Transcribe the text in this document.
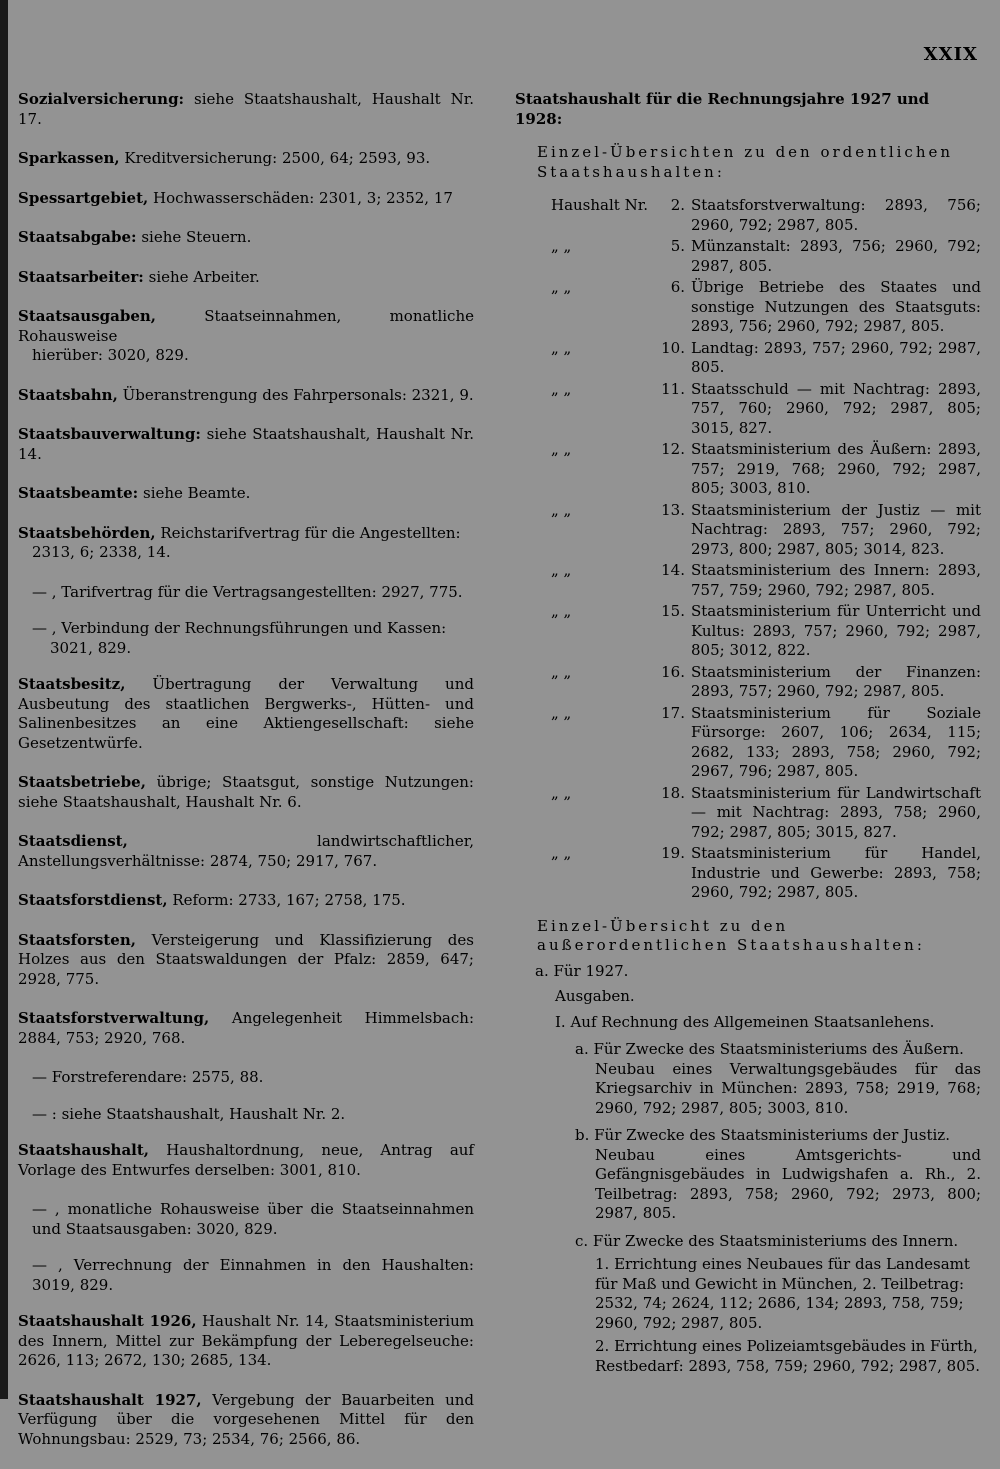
XXIX
Sozialversicherung: siehe Staatshaushalt, Haushalt Nr. 17.
Sparkassen, Kreditversicherung: 2500, 64; 2593, 93.
Spessartgebiet, Hochwasserschäden: 2301, 3; 2352, 17
Staatsabgabe: siehe Steuern.
Staatsarbeiter: siehe Arbeiter.
Staatsausgaben,	Staatseinnahmen, monatliche Rohausweise
hierüber: 3020, 829.
Staatsbahn, Überanstrengung des Fahrpersonals: 2321, 9.
Staatsbauverwaltung: siehe Staatshaushalt, Haushalt Nr. 14.
Staatsbeamte: siehe Beamte.
Staatsbehörden, Reichstarifvertrag für die Angestellten:
2313, 6; 2338, 14.
— , Tarifvertrag für die Vertragsangestellten: 2927, 775.
— , Verbindung der Rechnungsführungen und Kassen:
3021, 829.
Staatsbesitz, Übertragung der Verwaltung und Ausbeutung des staatlichen Bergwerks-, Hütten- und Salinenbesitzes an eine Aktiengesellschaft: siehe Gesetzentwürfe.
Staatsbetriebe, übrige; Staatsgut, sonstige Nutzungen: siehe Staatshaushalt, Haushalt Nr. 6.
Staatsdienst,	landwirtschaftlicher, Anstellungsverhältnisse: 2874, 750; 2917, 767.
Staatsforstdienst, Reform: 2733, 167; 2758, 175.
Staatsforsten, Versteigerung und Klassifizierung des Holzes aus den Staatswaldungen der Pfalz: 2859, 647; 2928, 775.
Staatsforstverwaltung, Angelegenheit Himmelsbach: 2884, 753; 2920, 768.
— Forstreferendare: 2575, 88.
— : siehe Staatshaushalt, Haushalt Nr. 2.
Staatshaushalt, Haushaltordnung, neue, Antrag auf Vorlage des Entwurfes derselben: 3001, 810.
— , monatliche Rohausweise über die Staatseinnahmen und Staatsausgaben: 3020, 829.
— , Verrechnung der Einnahmen in den Haushalten: 3019, 829.
Staatshaushalt 1926, Haushalt Nr. 14, Staatsministerium des Innern, Mittel zur Bekämpfung der Leberegelseuche: 2626, 113; 2672, 130; 2685, 134.
Staatshaushalt 1927, Vergebung der Bauarbeiten und Verfügung über die vorgesehenen Mittel für den Wohnungsbau: 2529, 73; 2534, 76; 2566, 86.
Staatshaushalt für die Rechnungsjahre 1927 und 1928:
Einzel-Übersichten zu den ordentlichen Staatshaushalten:
Haushalt Nr.	2. Staatsforstverwaltung: 2893, 756; 2960, 792; 2987, 805.
„ „	5. Münzanstalt: 2893, 756; 2960, 792; 2987, 805.
„ „	6. Übrige Betriebe des Staates und sonstige Nutzungen des Staatsguts: 2893, 756; 2960, 792; 2987, 805.
„ „	10. Landtag: 2893, 757; 2960, 792; 2987, 805.
„ „	11. Staatsschuld — mit Nachtrag: 2893, 757, 760; 2960, 792; 2987, 805; 3015, 827.
„ „	12. Staatsministerium des Äußern: 2893, 757; 2919, 768; 2960, 792; 2987, 805; 3003, 810.
„ „	13. Staatsministerium der Justiz — mit Nachtrag: 2893, 757; 2960, 792; 2973, 800; 2987, 805; 3014, 823.
„ „	14. Staatsministerium des Innern: 2893, 757, 759; 2960, 792; 2987, 805.
„ „	15. Staatsministerium für Unterricht und Kultus: 2893, 757; 2960, 792; 2987, 805; 3012, 822.
„ „	16. Staatsministerium der Finanzen: 2893, 757; 2960, 792; 2987, 805.
„ „	17. Staatsministerium für Soziale Fürsorge: 2607, 106; 2634, 115; 2682, 133; 2893, 758; 2960, 792; 2967, 796; 2987, 805.
„ „	18. Staatsministerium für Landwirtschaft — mit Nachtrag: 2893, 758; 2960, 792; 2987, 805; 3015, 827.
„ „	19. Staatsministerium für Handel, Industrie und Gewerbe: 2893, 758; 2960, 792; 2987, 805.
Einzel-Übersicht zu den außerordentlichen Staatshaushalten:
a. Für 1927.
Ausgaben.
I. Auf Rechnung des Allgemeinen Staatsanlehens.
a. Für Zwecke des Staatsministeriums des Äußern.
Neubau eines Verwaltungsgebäudes für das Kriegsarchiv in München: 2893, 758; 2919, 768; 2960, 792; 2987, 805; 3003, 810.
b. Für Zwecke des Staatsministeriums der Justiz.
Neubau eines Amtsgerichts- und Gefängnisgebäudes in Ludwigshafen a. Rh., 2. Teilbetrag: 2893, 758; 2960, 792; 2973, 800; 2987, 805.
c. Für Zwecke des Staatsministeriums des Innern.
1. Errichtung eines Neubaues für das Landesamt für Maß und Gewicht in München, 2. Teilbetrag: 2532, 74; 2624, 112; 2686, 134; 2893, 758, 759; 2960, 792; 2987, 805.
2. Errichtung eines Polizeiamtsgebäudes in Fürth, Restbedarf: 2893, 758, 759; 2960, 792; 2987, 805.
